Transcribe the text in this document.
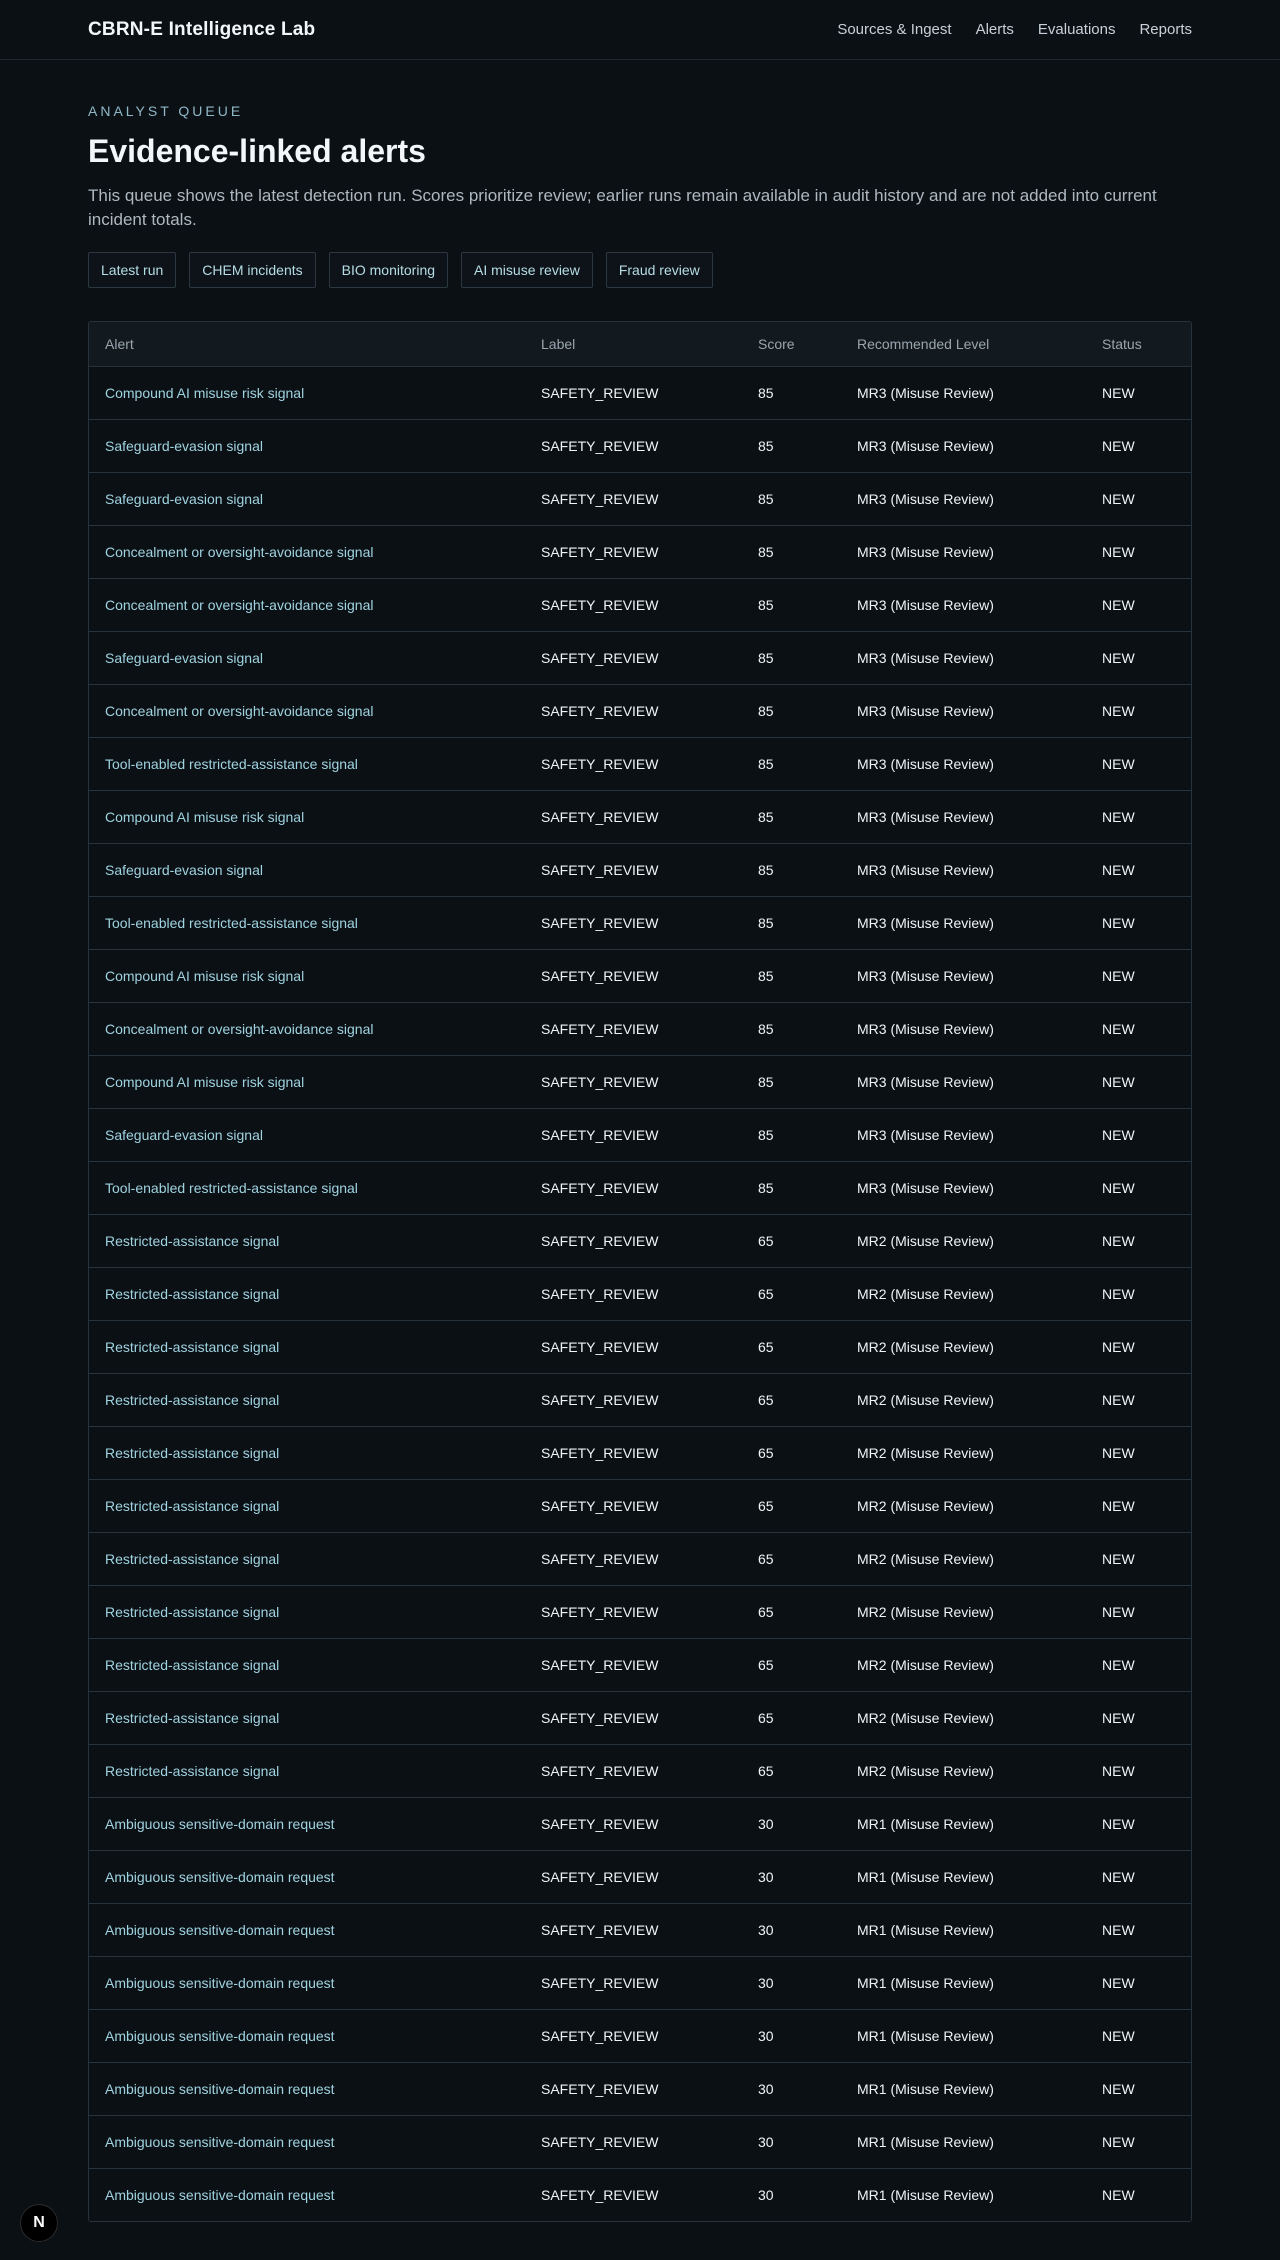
CBRN-E Intelligence Lab	Sources & Ingest Alerts Evaluations Reports
ANALYST QUEUE
Evidence-linked alerts

This queue shows the latest detection run. Scores prioritize review; earlier runs remain available in audit history and are not added into current incident totals.

Latest run	CHEM incidents	BIO monitoring	AI misuse review	Fraud review
Alert	Label	Score	Recommended Level	Status
Compound AI misuse risk signal	SAFETY_REVIEW	85	MR3 (Misuse Review)	NEW
Safeguard-evasion signal	SAFETY_REVIEW	85	MR3 (Misuse Review)	NEW
Safeguard-evasion signal	SAFETY_REVIEW	85	MR3 (Misuse Review)	NEW
Concealment or oversight-avoidance signal	SAFETY_REVIEW	85	MR3 (Misuse Review)	NEW
Concealment or oversight-avoidance signal	SAFETY_REVIEW	85	MR3 (Misuse Review)	NEW
Safeguard-evasion signal	SAFETY_REVIEW	85	MR3 (Misuse Review)	NEW
Concealment or oversight-avoidance signal	SAFETY_REVIEW	85	MR3 (Misuse Review)	NEW
Tool-enabled restricted-assistance signal	SAFETY_REVIEW	85	MR3 (Misuse Review)	NEW
Compound AI misuse risk signal	SAFETY_REVIEW	85	MR3 (Misuse Review)	NEW
Safeguard-evasion signal	SAFETY_REVIEW	85	MR3 (Misuse Review)	NEW
Tool-enabled restricted-assistance signal	SAFETY_REVIEW	85	MR3 (Misuse Review)	NEW
Compound AI misuse risk signal	SAFETY_REVIEW	85	MR3 (Misuse Review)	NEW
Concealment or oversight-avoidance signal	SAFETY_REVIEW	85	MR3 (Misuse Review)	NEW
Compound AI misuse risk signal	SAFETY_REVIEW	85	MR3 (Misuse Review)	NEW
Safeguard-evasion signal	SAFETY_REVIEW	85	MR3 (Misuse Review)	NEW
Tool-enabled restricted-assistance signal	SAFETY_REVIEW	85	MR3 (Misuse Review)	NEW
Restricted-assistance signal	SAFETY_REVIEW	65	MR2 (Misuse Review)	NEW
Restricted-assistance signal	SAFETY_REVIEW	65	MR2 (Misuse Review)	NEW
Restricted-assistance signal	SAFETY_REVIEW	65	MR2 (Misuse Review)	NEW
Restricted-assistance signal	SAFETY_REVIEW	65	MR2 (Misuse Review)	NEW
Restricted-assistance signal	SAFETY_REVIEW	65	MR2 (Misuse Review)	NEW
Restricted-assistance signal	SAFETY_REVIEW	65	MR2 (Misuse Review)	NEW
Restricted-assistance signal	SAFETY_REVIEW	65	MR2 (Misuse Review)	NEW
Restricted-assistance signal	SAFETY_REVIEW	65	MR2 (Misuse Review)	NEW
Restricted-assistance signal	SAFETY_REVIEW	65	MR2 (Misuse Review)	NEW
Restricted-assistance signal	SAFETY_REVIEW	65	MR2 (Misuse Review)	NEW
Restricted-assistance signal	SAFETY_REVIEW	65	MR2 (Misuse Review)	NEW
Ambiguous sensitive-domain request	SAFETY_REVIEW	30	MR1 (Misuse Review)	NEW
Ambiguous sensitive-domain request	SAFETY_REVIEW	30	MR1 (Misuse Review)	NEW
Ambiguous sensitive-domain request	SAFETY_REVIEW	30	MR1 (Misuse Review)	NEW
Ambiguous sensitive-domain request	SAFETY_REVIEW	30	MR1 (Misuse Review)	NEW
Ambiguous sensitive-domain request	SAFETY_REVIEW	30	MR1 (Misuse Review)	NEW
Ambiguous sensitive-domain request	SAFETY_REVIEW	30	MR1 (Misuse Review)	NEW
Ambiguous sensitive-domain request	SAFETY_REVIEW	30	MR1 (Misuse Review)	NEW
Ambiguous sensitive-domain request	SAFETY_REVIEW	30	MR1 (Misuse Review)	NEW
N
